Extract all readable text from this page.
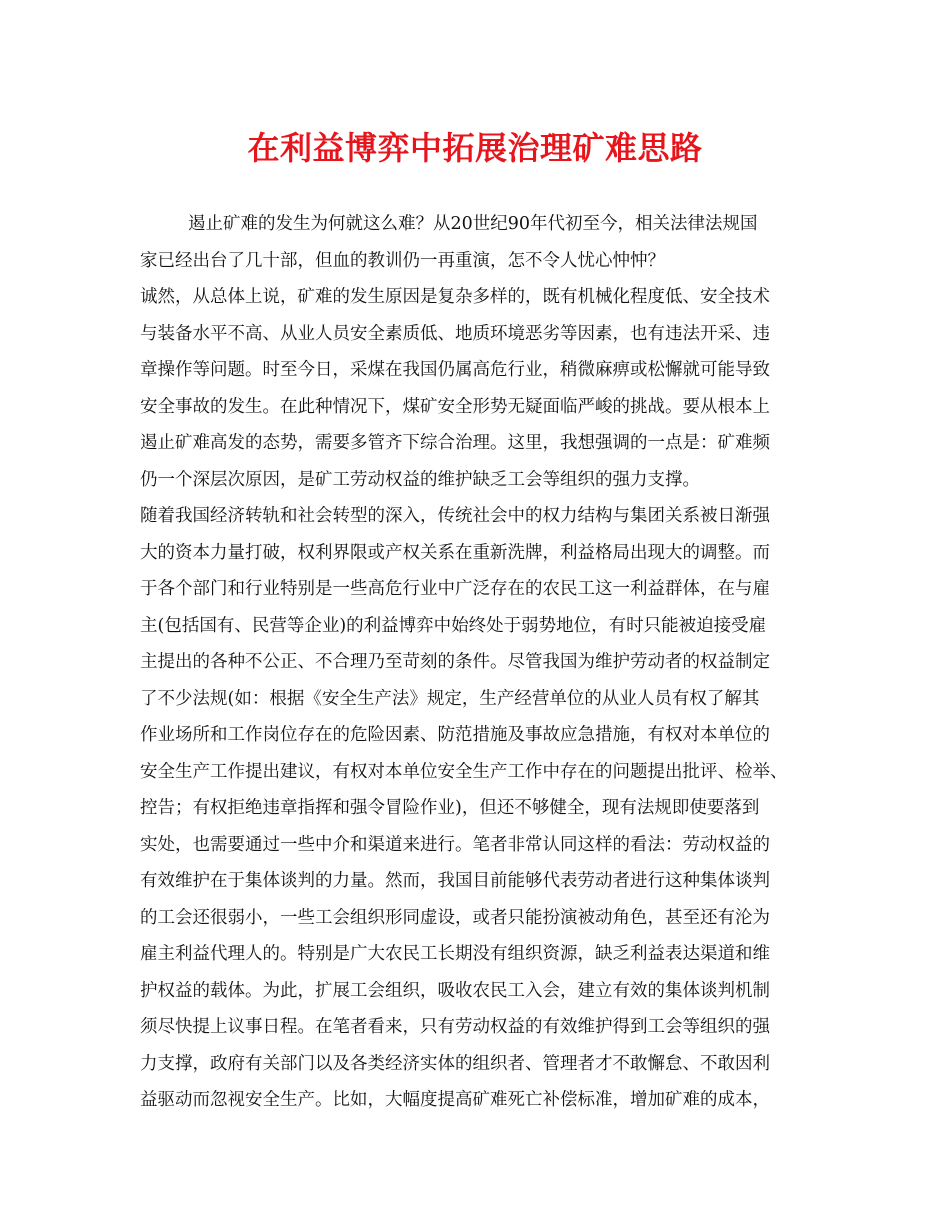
在利益博弈中拓展治理矿难思路
遏止矿难的发生为何就这么难？从20世纪90年代初至今，相关法律法规国
家已经出台了几十部，但血的教训仍一再重演，怎不令人忧心忡忡？
诚然，从总体上说，矿难的发生原因是复杂多样的，既有机械化程度低、安全技术
与装备水平不高、从业人员安全素质低、地质环境恶劣等因素，也有违法开采、违
章操作等问题。时至今日，采煤在我国仍属高危行业，稍微麻痹或松懈就可能导致
安全事故的发生。在此种情况下，煤矿安全形势无疑面临严峻的挑战。要从根本上
遏止矿难高发的态势，需要多管齐下综合治理。这里，我想强调的一点是：矿难频
仍一个深层次原因，是矿工劳动权益的维护缺乏工会等组织的强力支撑。
随着我国经济转轨和社会转型的深入，传统社会中的权力结构与集团关系被日渐强
大的资本力量打破，权利界限或产权关系在重新洗牌，利益格局出现大的调整。而
于各个部门和行业特别是一些高危行业中广泛存在的农民工这一利益群体，在与雇
主(包括国有、民营等企业)的利益博弈中始终处于弱势地位，有时只能被迫接受雇
主提出的各种不公正、不合理乃至苛刻的条件。尽管我国为维护劳动者的权益制定
了不少法规(如：根据《安全生产法》规定，生产经营单位的从业人员有权了解其
作业场所和工作岗位存在的危险因素、防范措施及事故应急措施，有权对本单位的
安全生产工作提出建议，有权对本单位安全生产工作中存在的问题提出批评、检举、
控告；有权拒绝违章指挥和强令冒险作业)，但还不够健全，现有法规即使要落到
实处，也需要通过一些中介和渠道来进行。笔者非常认同这样的看法：劳动权益的
有效维护在于集体谈判的力量。然而，我国目前能够代表劳动者进行这种集体谈判
的工会还很弱小，一些工会组织形同虚设，或者只能扮演被动角色，甚至还有沦为
雇主利益代理人的。特别是广大农民工长期没有组织资源，缺乏利益表达渠道和维
护权益的载体。为此，扩展工会组织，吸收农民工入会，建立有效的集体谈判机制
须尽快提上议事日程。在笔者看来，只有劳动权益的有效维护得到工会等组织的强
力支撑，政府有关部门以及各类经济实体的组织者、管理者才不敢懈怠、不敢因利
益驱动而忽视安全生产。比如，大幅度提高矿难死亡补偿标准，增加矿难的成本，
